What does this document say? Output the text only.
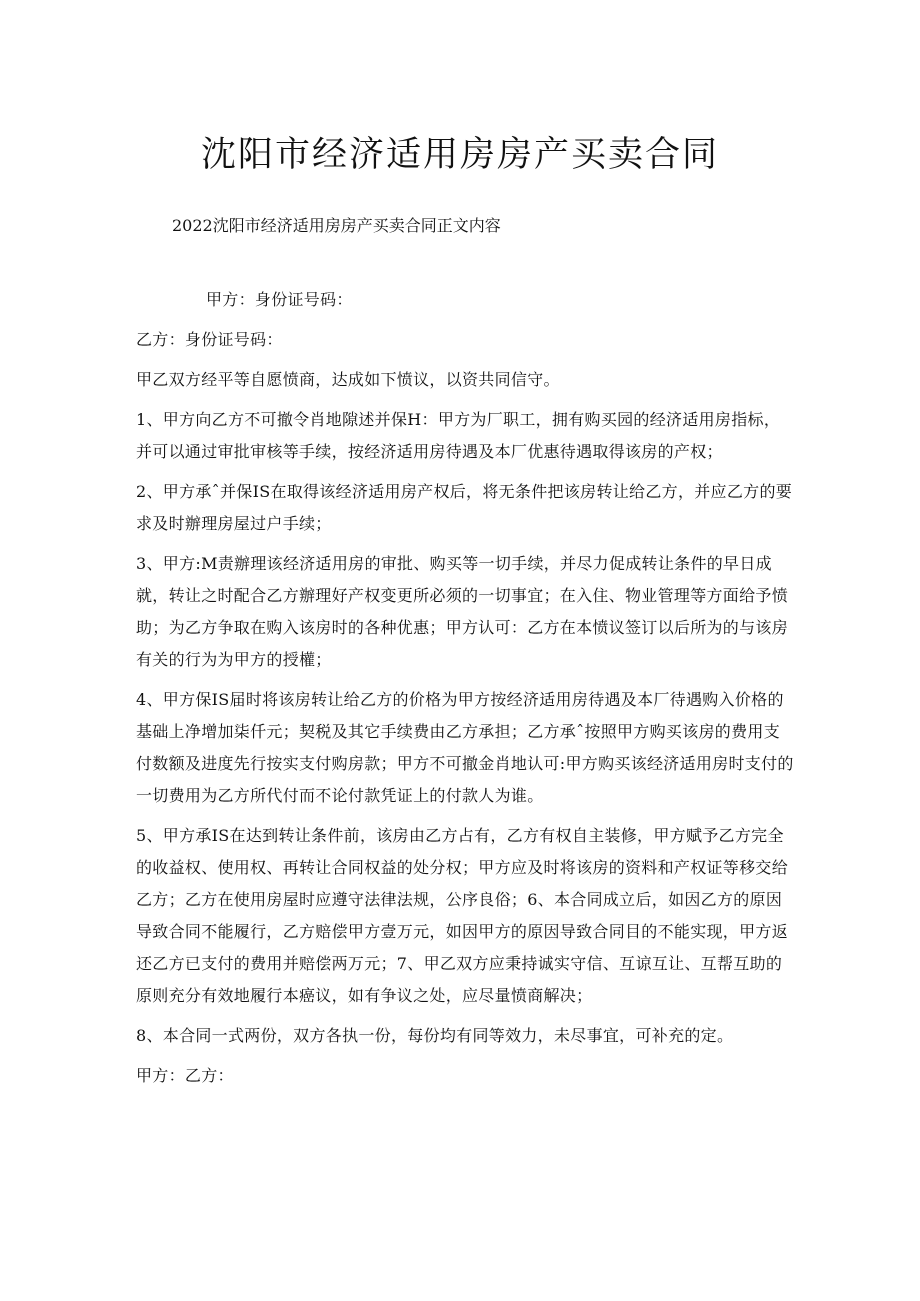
沈阳市经济适用房房产买卖合同
2022沈阳市经济适用房房产买卖合同正文内容

甲方：身份证号码：

乙方：身份证号码：

甲乙双方经平等自愿愤商，达成如下愤议，以资共同信守。

1、甲方向乙方不可撤令肖地隙述并保H：甲方为厂职工，拥有购买园的经济适用房指标，并可以通过审批审核等手续，按经济适用房待遇及本厂优惠待遇取得该房的产权；

2、甲方承ˆ并保IS在取得该经济适用房产权后，将无条件把该房转让给乙方，并应乙方的要求及时辦理房屋过户手续；

3、甲方:M责辦理该经济适用房的审批、购买等一切手续，并尽力促成转让条件的早日成就，转让之时配合乙方辦理好产权变更所必须的一切事宜；在入住、物业管理等方面给予愤助；为乙方争取在购入该房时的各种优惠；甲方认可：乙方在本愤议签订以后所为的与该房有关的行为为甲方的授權；

4、甲方保IS届时将该房转让给乙方的价格为甲方按经济适用房待遇及本厂待遇购入价格的基础上净增加柒仟元；契税及其它手续费由乙方承担；乙方承ˆ按照甲方购买该房的费用支付数额及进度先行按实支付购房款；甲方不可撤金肖地认可:甲方购买该经济适用房时支付的一切费用为乙方所代付而不论付款凭证上的付款人为谁。

5、甲方承IS在达到转让条件前，该房由乙方占有，乙方有权自主装修，甲方赋予乙方完全的收益权、使用权、再转让合同权益的处分权；甲方应及时将该房的资料和产权证等移交给乙方；乙方在使用房屋时应遵守法律法规，公序良俗；6、本合同成立后，如因乙方的原因导致合同不能履行，乙方赔偿甲方壹万元，如因甲方的原因导致合同目的不能实现，甲方返还乙方已支付的费用并赔偿两万元；7、甲乙双方应秉持诚实守信、互谅互让、互帮互助的原则充分有效地履行本癌议，如有争议之处，应尽量愤商解决；

8、本合同一式两份，双方各执一份，每份均有同等效力，未尽事宜，可补充的定。

甲方：乙方：
